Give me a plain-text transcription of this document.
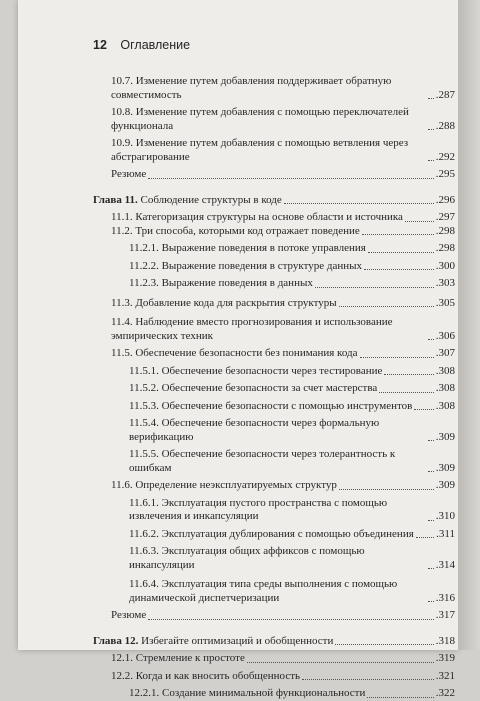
12 Оглавление
10.7. Изменение путем добавления поддерживает обратную совместимость	.287
10.8. Изменение путем добавления с помощью переключателей функционала	.288
10.9. Изменение путем добавления с помощью ветвления через абстрагирование	.292
Резюме	.295
Глава 11. Соблюдение структуры в коде	.296
11.1. Категоризация структуры на основе области и источника	.297
11.2. Три способа, которыми код отражает поведение	.298
11.2.1. Выражение поведения в потоке управления	.298
11.2.2. Выражение поведения в структуре данных	.300
11.2.3. Выражение поведения в данных	.303
11.3. Добавление кода для раскрытия структуры	.305
11.4. Наблюдение вместо прогнозирования и использование эмпирических техник	.306
11.5. Обеспечение безопасности без понимания кода	.307
11.5.1. Обеспечение безопасности через тестирование	.308
11.5.2. Обеспечение безопасности за счет мастерства	.308
11.5.3. Обеспечение безопасности с помощью инструментов .308
11.5.4. Обеспечение безопасности через формальную верификацию	.309
11.5.5. Обеспечение безопасности через толерантность к ошибкам	.309
11.6. Определение неэксплуатируемых структур	.309
11.6.1. Эксплуатация пустого пространства с помощью извлечения и инкапсуляции	.310
11.6.2. Эксплуатация дублирования с помощью объединения .311
11.6.3. Эксплуатация общих аффиксов с помощью инкапсуляции	.314
11.6.4. Эксплуатация типа среды выполнения с помощью динамической диспетчеризации	.316
Резюме	.317
Глава 12. Избегайте оптимизаций и обобщенности	.318
12.1. Стремление к простоте	.319
12.2. Когда и как вносить обобщенность	.321
12.2.1. Создание минимальной функциональности	.322
